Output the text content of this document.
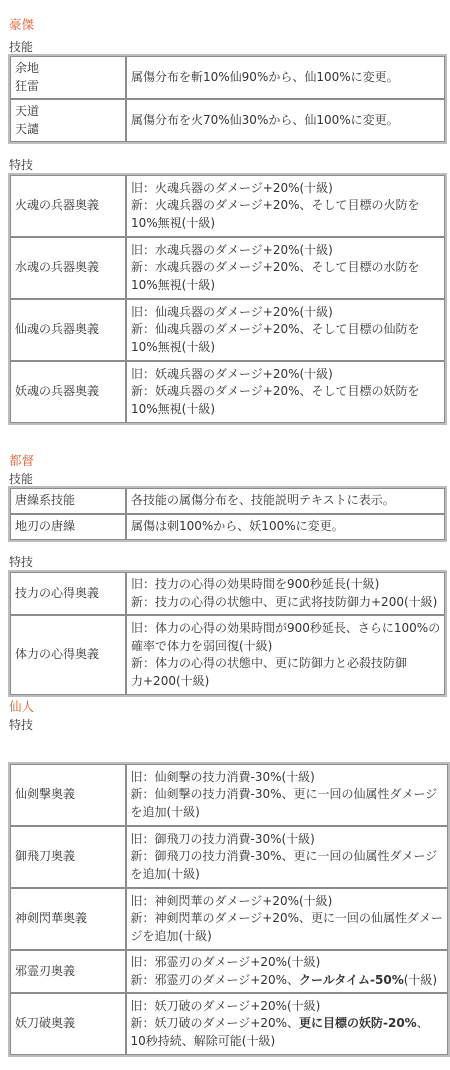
豪傑
技能
余地
狂雷	属傷分布を斬10%仙90%から、仙100%に変更。

天道
天譴	属傷分布を火70%仙30%から、仙100%に変更。
特技
火魂の兵器奥義	旧：火魂兵器のダメージ+20%(十級)
新：火魂兵器のダメージ+20%、そして目標の火防を
10%無視(十級)

水魂の兵器奥義	旧：水魂兵器のダメージ+20%(十級)
新：水魂兵器のダメージ+20%、そして目標の水防を
10%無視(十級)

仙魂の兵器奥義	旧：仙魂兵器のダメージ+20%(十級)
新：仙魂兵器のダメージ+20%、そして目標の仙防を
10%無視(十級)

妖魂の兵器奥義	旧：妖魂兵器のダメージ+20%(十級)
新：妖魂兵器のダメージ+20%、そして目標の妖防を
10%無視(十級)
都督
技能
唐繰系技能	各技能の属傷分布を、技能説明テキストに表示。
地刃の唐繰	属傷は刺100%から、妖100%に変更。
特技
技力の心得奥義	旧：技力の心得の効果時間を900秒延長(十級)
新：技力の心得の状態中、更に武将技防御力+200(十級)

体力の心得奥義	旧：体力の心得の効果時間が900秒延長、さらに100%の
確率で体力を弱回復(十級)
新：体力の心得の状態中、更に防御力と必殺技防御
力+200(十級)
仙人
特技
仙剣撃奥義	旧：仙剣撃の技力消費-30%(十級)
新：仙剣撃の技力消費-30%、更に一回の仙属性ダメージ
を追加(十級)

御飛刀奥義	旧：御飛刀の技力消費-30%(十級)
新：御飛刀の技力消費-30%、更に一回の仙属性ダメージ
を追加(十級)

神剣閃華奥義	旧：神剣閃華のダメージ+20%(十級)
新：神剣閃華のダメージ+20%、更に一回の仙属性ダメー
ジを追加(十級)

邪霊刃奥義	旧：邪霊刃のダメージ+20%(十級)
新：邪霊刃のダメージ+20%、クールタイム-50%(十級)

妖刀破奥義	旧：妖刀破のダメージ+20%(十級)
新：妖刀破のダメージ+20%、更に目標の妖防-20%、
10秒持続、解除可能(十級)
